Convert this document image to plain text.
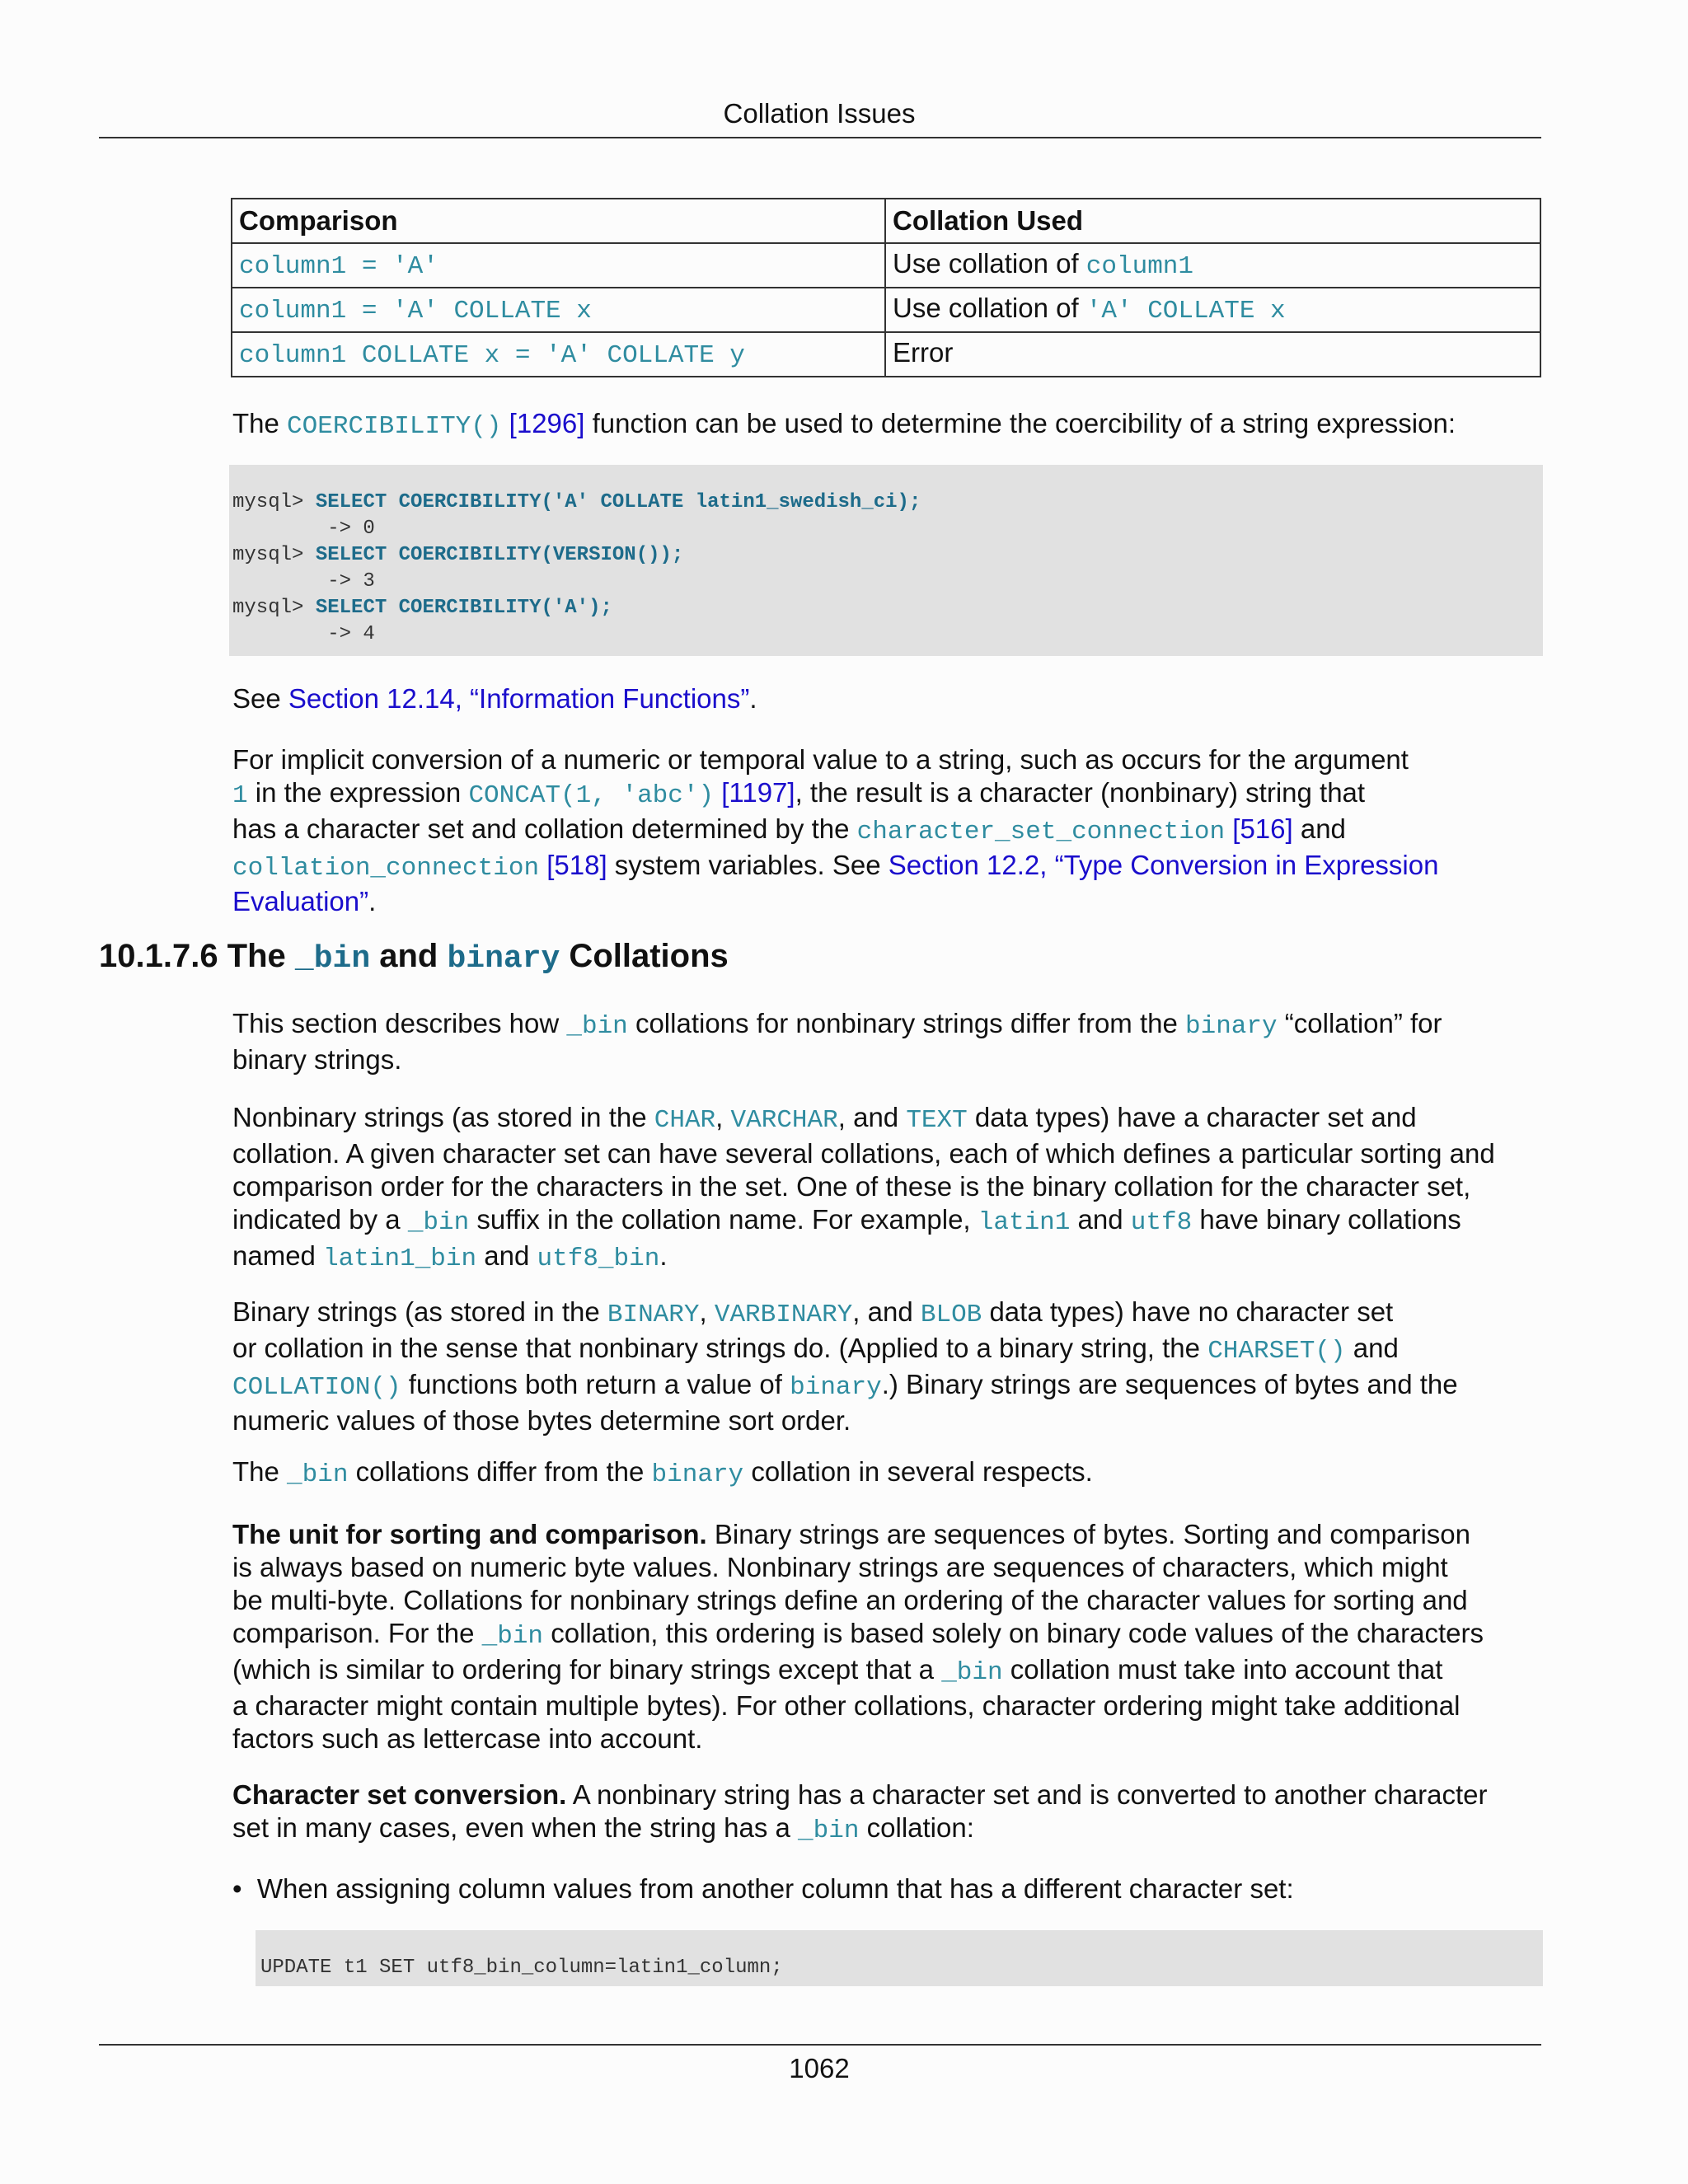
Collation Issues
Comparison	Collation Used
column1 = 'A'	Use collation of column1
column1 = 'A' COLLATE x	Use collation of 'A' COLLATE x
column1 COLLATE x = 'A' COLLATE y	Error
The COERCIBILITY() [1296] function can be used to determine the coercibility of a string expression:
mysql> SELECT COERCIBILITY('A' COLLATE latin1_swedish_ci);
-> 0
mysql> SELECT COERCIBILITY(VERSION());
-> 3
mysql> SELECT COERCIBILITY('A');
-> 4
See Section 12.14, “Information Functions”.
For implicit conversion of a numeric or temporal value to a string, such as occurs for the argument
1 in the expression CONCAT(1, 'abc') [1197], the result is a character (nonbinary) string that
has a character set and collation determined by the character_set_connection [516] and
collation_connection [518] system variables. See Section 12.2, “Type Conversion in Expression
Evaluation”.
10.1.7.6 The _bin and binary Collations
This section describes how _bin collations for nonbinary strings differ from the binary “collation” for
binary strings.
Nonbinary strings (as stored in the CHAR, VARCHAR, and TEXT data types) have a character set and
collation. A given character set can have several collations, each of which defines a particular sorting and
comparison order for the characters in the set. One of these is the binary collation for the character set,
indicated by a _bin suffix in the collation name. For example, latin1 and utf8 have binary collations
named latin1_bin and utf8_bin.
Binary strings (as stored in the BINARY, VARBINARY, and BLOB data types) have no character set
or collation in the sense that nonbinary strings do. (Applied to a binary string, the CHARSET() and
COLLATION() functions both return a value of binary.) Binary strings are sequences of bytes and the
numeric values of those bytes determine sort order.
The _bin collations differ from the binary collation in several respects.
The unit for sorting and comparison. Binary strings are sequences of bytes. Sorting and comparison
is always based on numeric byte values. Nonbinary strings are sequences of characters, which might
be multi-byte. Collations for nonbinary strings define an ordering of the character values for sorting and
comparison. For the _bin collation, this ordering is based solely on binary code values of the characters
(which is similar to ordering for binary strings except that a _bin collation must take into account that
a character might contain multiple bytes). For other collations, character ordering might take additional
factors such as lettercase into account.
Character set conversion. A nonbinary string has a character set and is converted to another character
set in many cases, even when the string has a _bin collation:
• When assigning column values from another column that has a different character set:
UPDATE t1 SET utf8_bin_column=latin1_column;
1062
